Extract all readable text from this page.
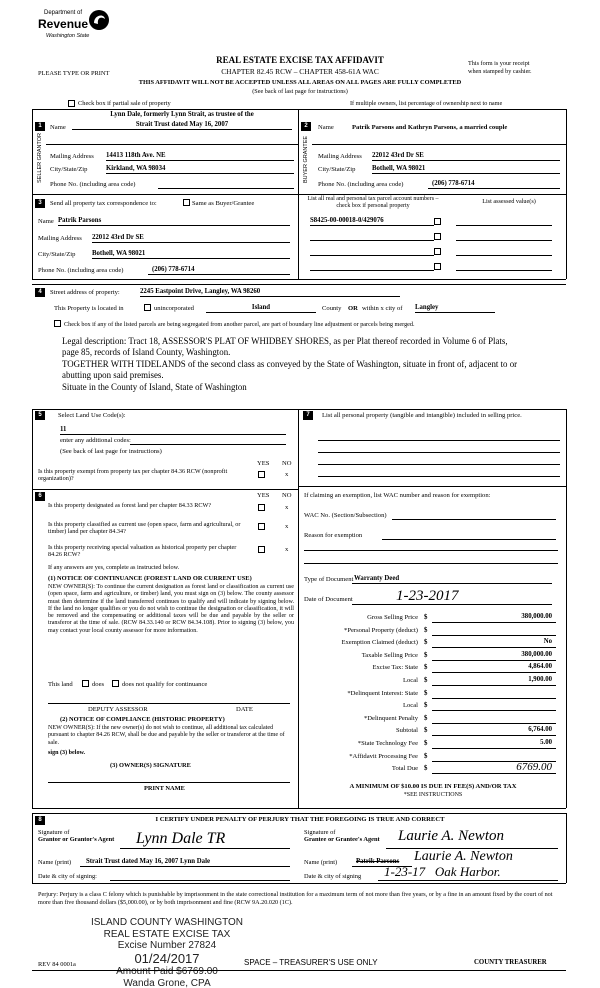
Department of
Revenue
Washington State
REAL ESTATE EXCISE TAX AFFIDAVIT	This form is your receipt
when stamped by cashier.
PLEASE TYPE OR PRINT	CHAPTER 82.45 RCW – CHAPTER 458-61A WAC
THIS AFFIDAVIT WILL NOT BE ACCEPTED UNLESS ALL AREAS ON ALL PAGES ARE FULLY COMPLETED
(See back of last page for instructions)
Check box if partial sale of property	If multiple owners, list percentage of ownership next to name
1
SELLER GRANTOR
Name
Lynn Dale, formerly Lynn Strait, as trustee of the
Strait Trust dated May 16, 2007
Mailing Address 14413 118th Ave. NE
City/State/Zip	Kirkland, WA 98034
Phone No. (including area code)
2
BUYER GRANTEE
Name	Patrik Parsons and Kathryn Parsons, a married couple
Mailing Address 22012 43rd Dr SE
City/State/Zip Bothell, WA 98021
Phone No. (including area code)	(206) 778-6714
3	Send all property tax correspondence to:	Same as Buyer/Grantee
Name Patrik Parsons
Mailing Address 22012 43rd Dr SE
City/State/Zip Bothell, WA 98021
Phone No. (including area code)	(206) 778-6714
List all real and personal tax parcel account numbers – check box if personal property
List assessed value(s)
S8425-00-00018-0/429076
4	Street address of property:	2245 Eastpoint Drive, Langley, WA 98260
This Property is located in	unincorporated	Island	County OR within x city of Langley
Check box if any of the listed parcels are being segregated from another parcel, are part of boundary line adjustment or parcels being merged.
Legal description: Tract 18, ASSESSOR'S PLAT OF WHIDBEY SHORES, as per Plat thereof recorded in Volume 6 of Plats,
page 85, records of Island County, Washington.
TOGETHER WITH TIDELANDS of the second class as conveyed by the State of Washington, situate in front of, adjacent to or
abutting upon said premises.
Situate in the County of Island, State of Washington
5	Select Land Use Code(s):
11
enter any additional codes:
(See back of last page for instructions)
YES NO
Is this property exempt from property tax per chapter 84.36 RCW (nonprofit organization)?
x
6	YES NO
Is this property designated as forest land per chapter 84.33 RCW?	x
Is this property classified as current use (open space, farm and agricultural, or timber) land per chapter 84.34?
x
Is this property receiving special valuation as historical property per chapter 84.26 RCW?
x
If any answers are yes, complete as instructed below.
(1) NOTICE OF CONTINUANCE (FOREST LAND OR CURRENT USE)
NEW OWNER(S): To continue the current designation as forest land or classification as current use (open space, farm and agriculture, or timber) land, you must sign on (3) below. The county assessor must then determine if the land transferred continues to qualify and will indicate by signing below. If the land no longer qualifies or you do not wish to continue the designation or classification, it will be removed and the compensating or additional taxes will be due and payable by the seller or transferor at the time of sale. (RCW 84.33.140 or RCW 84.34.108). Prior to signing (3) below, you may contact your local county assessor for more information.
This land	does	does not qualify for continuance
DEPUTY ASSESSOR	DATE
(2) NOTICE OF COMPLIANCE (HISTORIC PROPERTY)
NEW OWNER(S): If the new owner(s) do not wish to continue, all additional tax calculated pursuant to chapter 84.26 RCW, shall be due and payable by the seller or transferor at the time of sale.
sign (3) below.
(3) OWNER(S) SIGNATURE
PRINT NAME
7	List all personal property (tangible and intangible) included in selling price.
If claiming an exemption, list WAC number and reason for exemption:
WAC No. (Section/Subsection)
Reason for exemption
Type of Document Warranty Deed
Date of Document	1-23-2017
Gross Selling Price $	380,000.00
*Personal Property (deduct) $
Exemption Claimed (deduct) $	No
Taxable Selling Price $	380,000.00
Excise Tax: State $	4,864.00
Local $	1,900.00
*Delinquent Interest: State $
Local $
*Delinquent Penalty $
Subtotal $	6,764.00
*State Technology Fee $	5.00
*Affidavit Processing Fee $
Total Due $	6769.00
A MINIMUM OF $10.00 IS DUE IN FEE(S) AND/OR TAX
*SEE INSTRUCTIONS
8	I CERTIFY UNDER PENALTY OF PERJURY THAT THE FOREGOING IS TRUE AND CORRECT
Signature of
Grantor or Grantor's Agent Lynn Dale TR	Signature of
Grantee or Grantee's Agent Laurie A. Newton
Name (print)	Strait Trust dated May 16, 2007 Lynn Dale	Name (print)	Patrik Parsons	Laurie A. Newton
Date & city of signing:	Date & city of signing 1-23-17   Oak Harbor.
Perjury: Perjury is a class C felony which is punishable by imprisonment in the state correctional institution for a maximum term of not more than five years, or by a fine in an amount fixed by the court of not more than five thousand dollars ($5,000.00), or by both imprisonment and fine (RCW 9A.20.020 (1C).
ISLAND COUNTY WASHINGTON
REAL ESTATE EXCISE TAX
Excise Number 27824
01/24/2017
Amount Paid $6769.00
Wanda Grone, CPA
REV 84 0001a	SPACE – TREASURER'S USE ONLY	COUNTY TREASURER
